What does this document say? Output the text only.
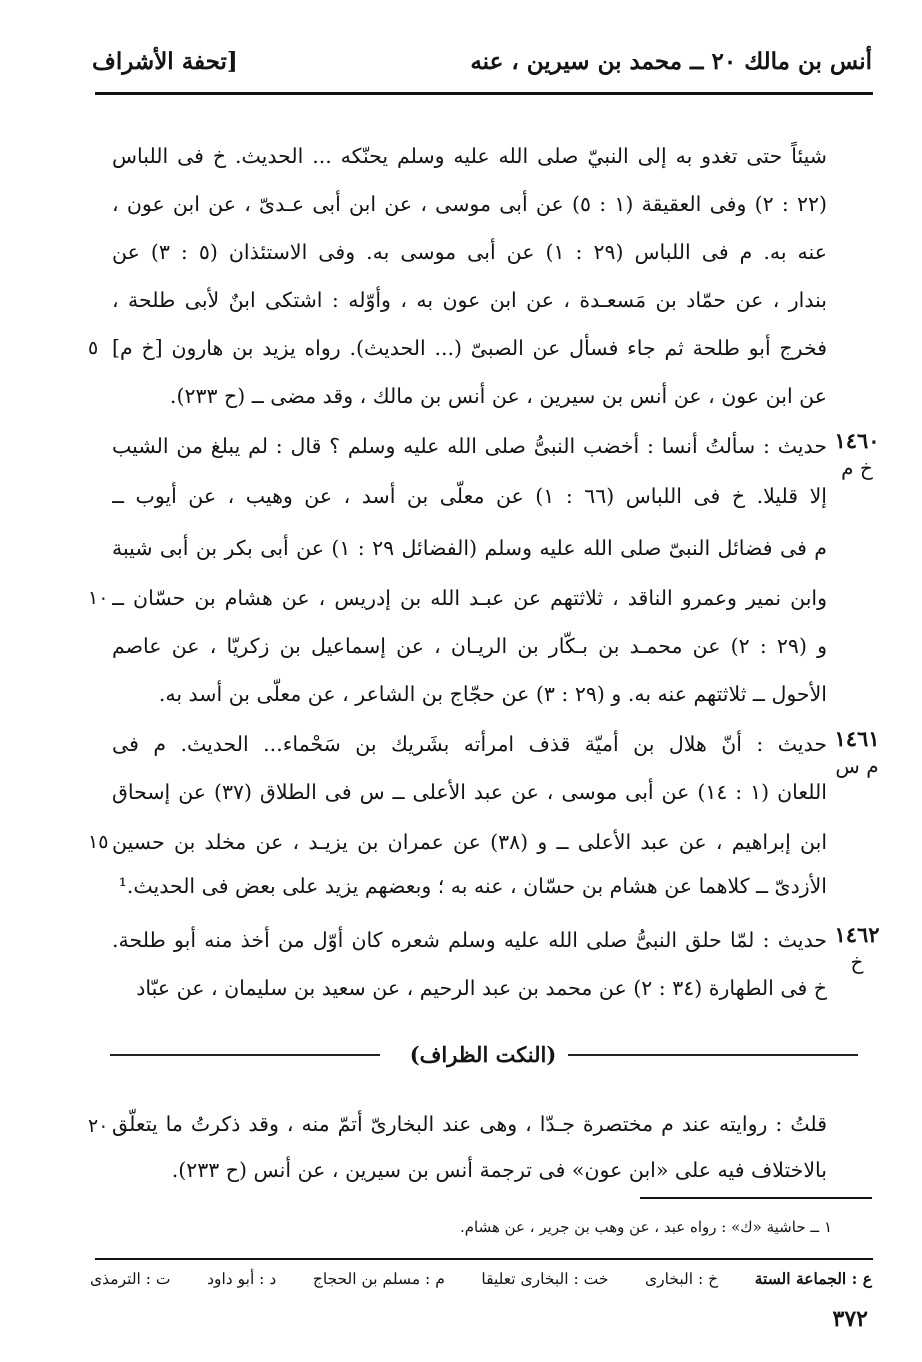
أنس بن مالك ٢٠ ــ محمد بن سيرين ، عنه
[تحفة الأشراف
شيئاً حتى تغدو به إلى النبيّ صلى الله عليه وسلم يحنّكه ... الحديث. خ فى اللباس
(٢٢ : ٢) وفى العقيقة (١ : ٥) عن أبى موسى ، عن ابن أبى عـدىّ ، عن ابن عون ،
عنه به. م فى اللباس (٢٩ : ١) عن أبى موسى به. وفى الاستئذان (٥ : ٣) عن
بندار ، عن حمّاد بن مَسعـدة ، عن ابن عون به ، وأوّله : اشتكى ابنٌ لأبى طلحة ،
فخرج أبو طلحة ثم جاء فسأل عن الصبىّ (... الحديث). رواه يزيد بن هارون [خ م]
عن ابن عون ، عن أنس بن سيرين ، عن أنس بن مالك ، وقد مضى ــ (ح ٢٣٣).
حديث : سألتُ أنسا : أخضب النبىُّ صلى الله عليه وسلم ؟ قال : لم يبلغ من الشيب
إلا قليلا. خ فى اللباس (٦٦ : ١) عن معلّى بن أسد ، عن وهيب ، عن أيوب ــ
م فى فضائل النبىّ صلى الله عليه وسلم (الفضائل ٢٩ : ١) عن أبى بكر بن أبى شيبة
وابن نمير وعمرو الناقد ، ثلاثتهم عن عبـد الله بن إدريس ، عن هشام بن حسّان ــ
و (٢٩ : ٢) عن محمـد بن بـكّار بن الريـان ، عن إسماعيل بن زكريّا ، عن عاصم
الأحول ــ ثلاثتهم عنه به. و (٢٩ : ٣) عن حجّاج بن الشاعر ، عن معلّى بن أسد به.
حديث : أنّ هلال بن أميّة قذف امرأته بشَريك بن سَحْماء... الحديث. م فى
اللعان (١ : ١٤) عن أبى موسى ، عن عبد الأعلى ــ س فى الطلاق (٣٧) عن إسحاق
ابن إبراهيم ، عن عبد الأعلى ــ و (٣٨) عن عمران بن يزيـد ، عن مخلد بن حسين
الأزدىّ ــ كلاهما عن هشام بن حسّان ، عنه به ؛ وبعضهم يزيد على بعض فى الحديث.¹
حديث : لمّا حلق النبىُّ صلى الله عليه وسلم شعره كان أوّل من أخذ منه أبو طلحة.
خ فى الطهارة (٣٤ : ٢) عن محمد بن عبد الرحيم ، عن سعيد بن سليمان ، عن عبّاد
١٤٦٠
خ م
١٤٦١
م س
١٤٦٢
خ
٥
١٠
١٥
٢٠
(النكت الظراف)
قلتُ : روايته عند م مختصرة جـدّا ، وهى عند البخارىّ أتمّ منه ، وقد ذكرتُ ما يتعلّق
بالاختلاف فيه على «ابن عون» فى ترجمة أنس بن سيرين ، عن أنس (ح ٢٣٣).
١ ــ حاشية «ك» : رواه عبد ، عن وهب بن جرير ، عن هشام.
ع : الجماعة الستة
خ : البخارى
خت : البخارى تعليقا
م : مسلم بن الحجاج
د : أبو داود
ت : الترمذى
٣٧٢
